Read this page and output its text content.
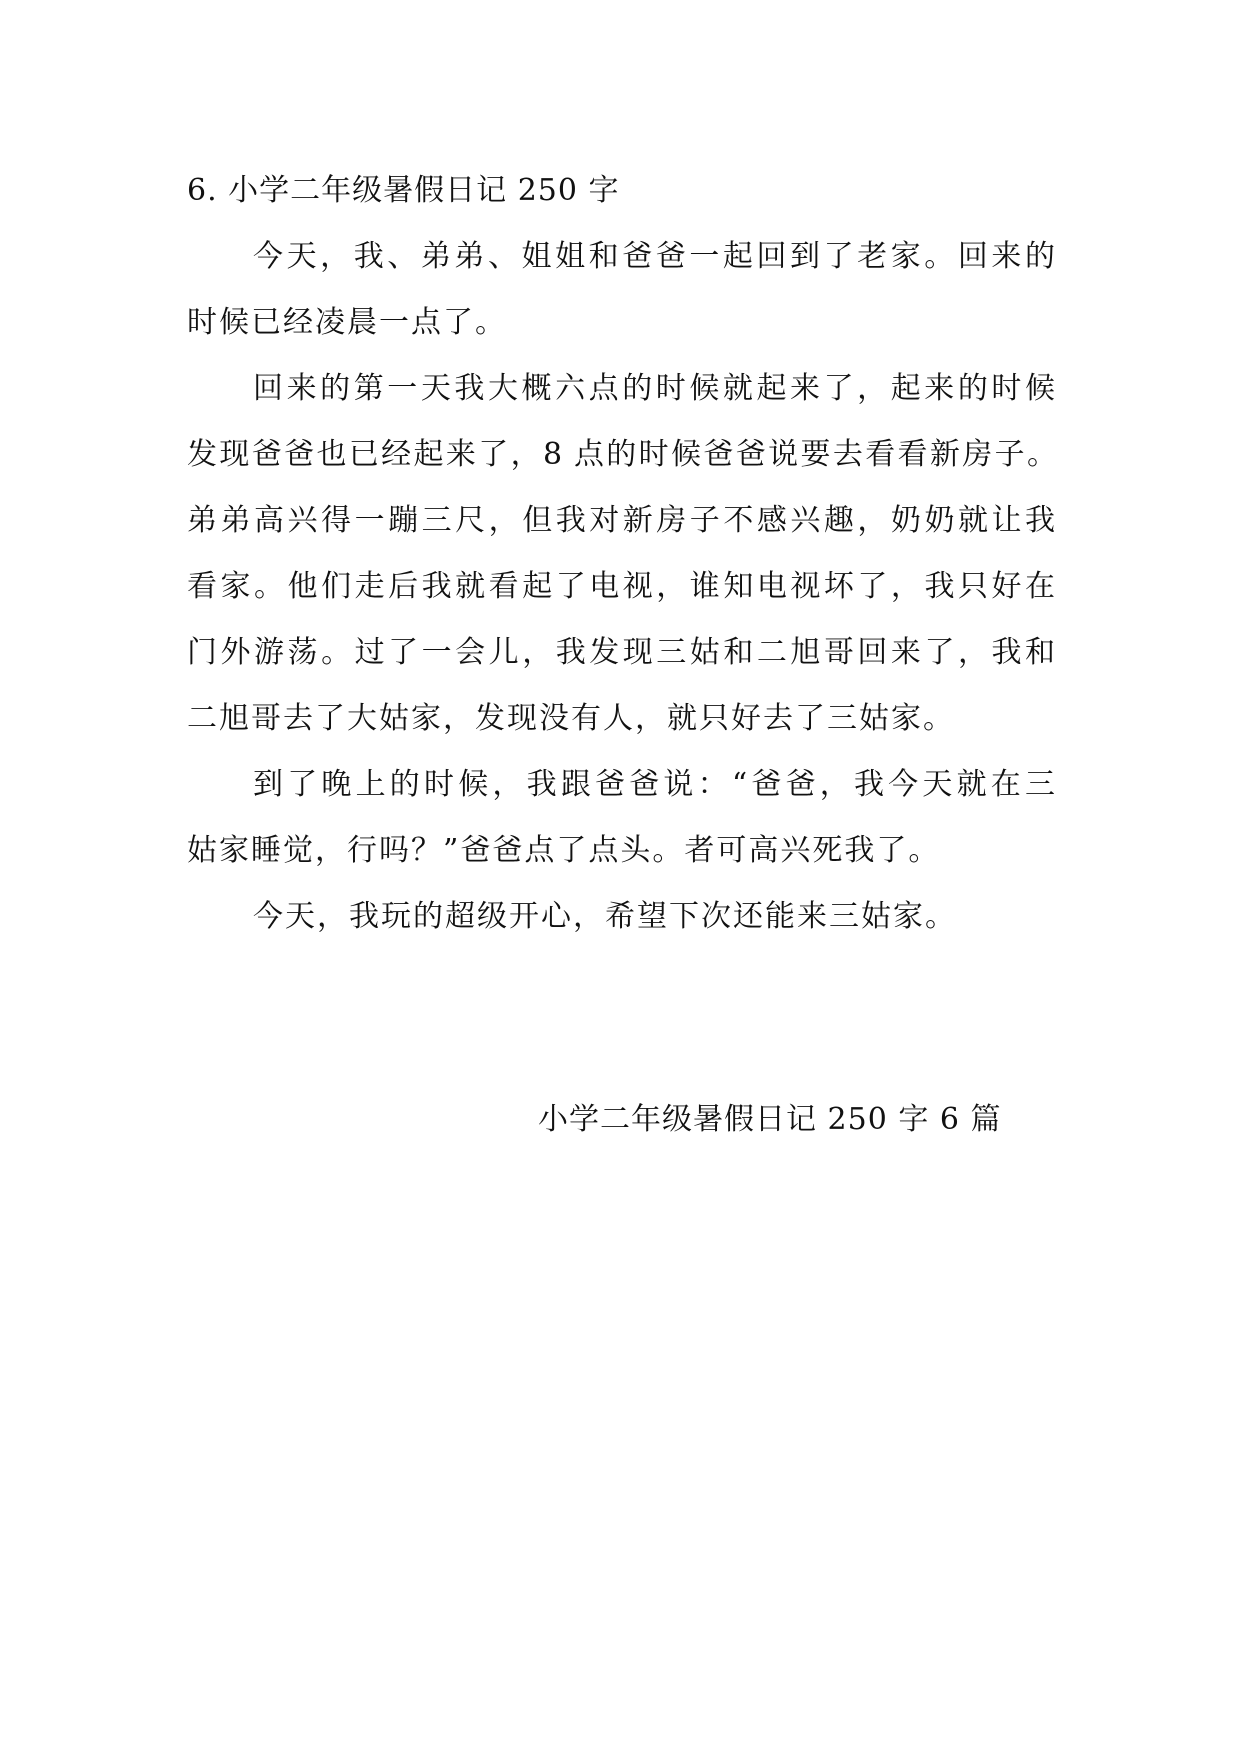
6. 小学二年级暑假日记 250 字
今天，我、弟弟、姐姐和爸爸一起回到了老家。回来的
时候已经凌晨一点了。
回来的第一天我大概六点的时候就起来了，起来的时候
发现爸爸也已经起来了，8 点的时候爸爸说要去看看新房子。
弟弟高兴得一蹦三尺，但我对新房子不感兴趣，奶奶就让我
看家。他们走后我就看起了电视，谁知电视坏了，我只好在
门外游荡。过了一会儿，我发现三姑和二旭哥回来了，我和
二旭哥去了大姑家，发现没有人，就只好去了三姑家。
到了晚上的时候，我跟爸爸说：“爸爸，我今天就在三
姑家睡觉，行吗？”爸爸点了点头。者可高兴死我了。
今天，我玩的超级开心，希望下次还能来三姑家。
小学二年级暑假日记 250 字 6 篇
